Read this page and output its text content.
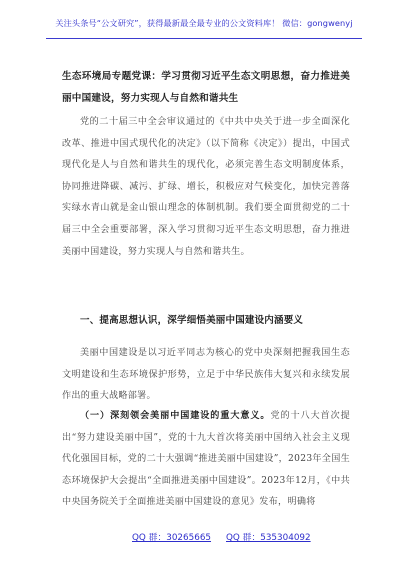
关注头条号“公文研究”，获得最新最全最专业的公文资料库！ 微信：gongwenyj
生态环境局专题党课：学习贯彻习近平生态文明思想，奋力推进美丽中国建设，努力实现人与自然和谐共生
党的二十届三中全会审议通过的《中共中央关于进一步全面深化改革、推进中国式现代化的决定》（以下简称《决定》）提出，中国式现代化是人与自然和谐共生的现代化，必须完善生态文明制度体系，协同推进降碳、减污、扩绿、增长，积极应对气候变化，加快完善落实绿水青山就是金山银山理念的体制机制。我们要全面贯彻党的二十届三中全会重要部署，深入学习贯彻习近平生态文明思想，奋力推进美丽中国建设，努力实现人与自然和谐共生。
一、提高思想认识，深学细悟美丽中国建设内涵要义
美丽中国建设是以习近平同志为核心的党中央深刻把握我国生态文明建设和生态环境保护形势，立足于中华民族伟大复兴和永续发展作出的重大战略部署。
（一）深刻领会美丽中国建设的重大意义。党的十八大首次提出“努力建设美丽中国”，党的十九大首次将美丽中国纳入社会主义现代化强国目标，党的二十大强调“推进美丽中国建设”，2023年全国生态环境保护大会提出“全面推进美丽中国建设”。2023年12月，《中共中央国务院关于全面推进美丽中国建设的意见》发布，明确将
QQ 群：30265665 QQ 群：535304092
